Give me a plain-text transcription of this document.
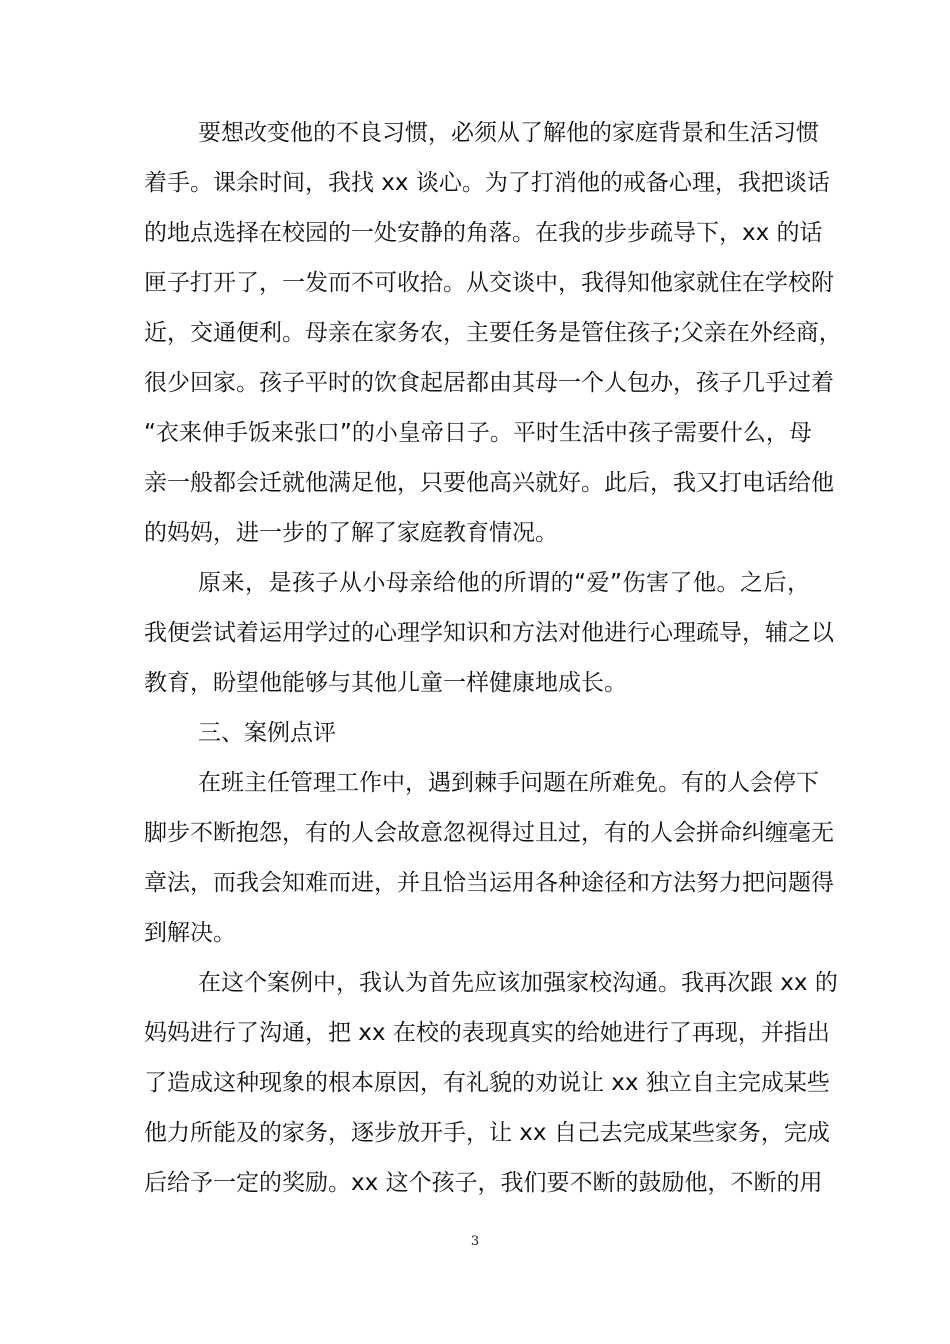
要想改变他的不良习惯，必须从了解他的家庭背景和生活习惯
着手。课余时间，我找 xx 谈心。为了打消他的戒备心理，我把谈话
的地点选择在校园的一处安静的角落。在我的步步疏导下，xx 的话
匣子打开了，一发而不可收拾。从交谈中，我得知他家就住在学校附
近，交通便利。母亲在家务农，主要任务是管住孩子;父亲在外经商，
很少回家。孩子平时的饮食起居都由其母一个人包办，孩子几乎过着
“衣来伸手饭来张口”的小皇帝日子。平时生活中孩子需要什么，母
亲一般都会迁就他满足他，只要他高兴就好。此后，我又打电话给他
的妈妈，进一步的了解了家庭教育情况。
原来，是孩子从小母亲给他的所谓的“爱”伤害了他。之后，
我便尝试着运用学过的心理学知识和方法对他进行心理疏导，辅之以
教育，盼望他能够与其他儿童一样健康地成长。
三、案例点评
在班主任管理工作中，遇到棘手问题在所难免。有的人会停下
脚步不断抱怨，有的人会故意忽视得过且过，有的人会拼命纠缠毫无
章法，而我会知难而进，并且恰当运用各种途径和方法努力把问题得
到解决。
在这个案例中，我认为首先应该加强家校沟通。我再次跟 xx 的
妈妈进行了沟通，把 xx 在校的表现真实的给她进行了再现，并指出
了造成这种现象的根本原因，有礼貌的劝说让 xx 独立自主完成某些
他力所能及的家务，逐步放开手，让 xx 自己去完成某些家务，完成
后给予一定的奖励。xx 这个孩子，我们要不断的鼓励他，不断的用
3
